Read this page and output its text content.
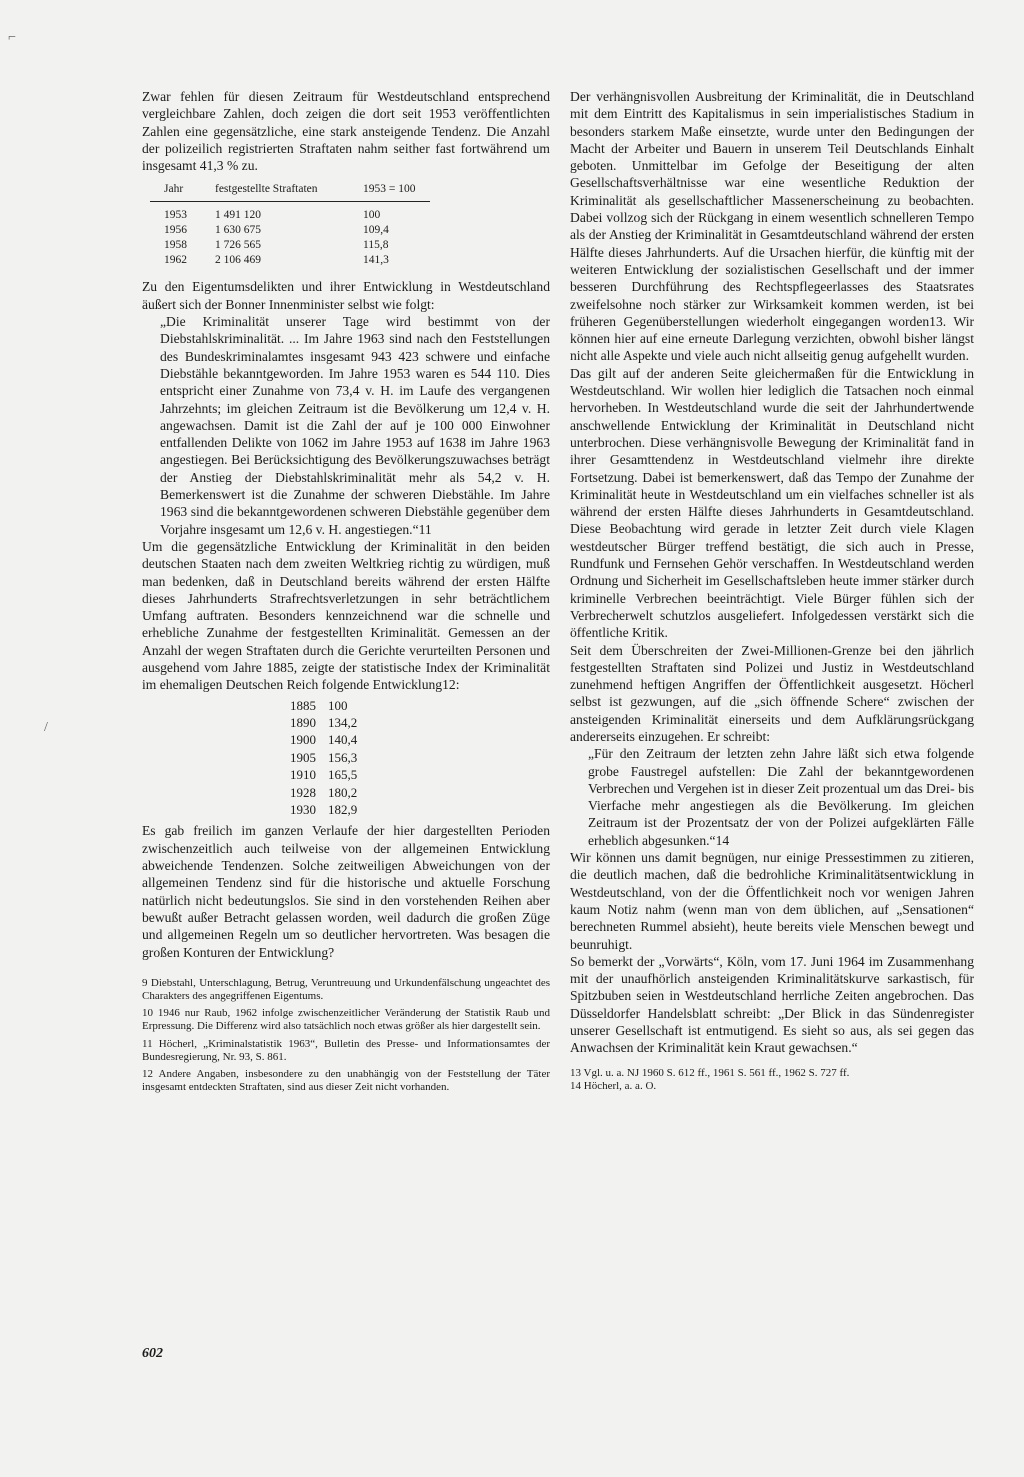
⌐
/

Zwar fehlen für diesen Zeitraum für Westdeutschland entsprechend vergleichbare Zahlen, doch zeigen die dort seit 1953 veröffentlichten Zahlen eine gegensätzliche, eine stark ansteigende Tendenz. Die Anzahl der polizeilich registrierten Straftaten nahm seither fast fortwährend um insgesamt 41,3 % zu.

Jahr	festgestellte Straftaten	1953 = 100
1953	1 491 120	100
1956	1 630 675	109,4
1958	1 726 565	115,8
1962	2 106 469	141,3

Zu den Eigentumsdelikten und ihrer Entwicklung in Westdeutschland äußert sich der Bonner Innenminister selbst wie folgt:

„Die Kriminalität unserer Tage wird bestimmt von der Diebstahlskriminalität. ... Im Jahre 1963 sind nach den Feststellungen des Bundeskriminalamtes insgesamt 943 423 schwere und einfache Diebstähle bekanntgeworden. Im Jahre 1953 waren es 544 110. Dies entspricht einer Zunahme von 73,4 v. H. im Laufe des vergangenen Jahrzehnts; im gleichen Zeitraum ist die Bevölkerung um 12,4 v. H. angewachsen. Damit ist die Zahl der auf je 100 000 Einwohner entfallenden Delikte von 1062 im Jahre 1953 auf 1638 im Jahre 1963 angestiegen. Bei Berücksichtigung des Bevölkerungszuwachses beträgt der Anstieg der Diebstahlskriminalität mehr als 54,2 v. H. Bemerkenswert ist die Zunahme der schweren Diebstähle. Im Jahre 1963 sind die bekanntgewordenen schweren Diebstähle gegenüber dem Vorjahre insgesamt um 12,6 v. H. angestiegen.“11

Um die gegensätzliche Entwicklung der Kriminalität in den beiden deutschen Staaten nach dem zweiten Weltkrieg richtig zu würdigen, muß man bedenken, daß in Deutschland bereits während der ersten Hälfte dieses Jahrhunderts Strafrechtsverletzungen in sehr beträchtlichem Umfang auftraten. Besonders kennzeichnend war die schnelle und erhebliche Zunahme der festgestellten Kriminalität. Gemessen an der Anzahl der wegen Straftaten durch die Gerichte verurteilten Personen und ausgehend vom Jahre 1885, zeigte der statistische Index der Kriminalität im ehemaligen Deutschen Reich folgende Entwicklung12:

1885	100
1890	134,2
1900	140,4
1905	156,3
1910	165,5
1928	180,2
1930	182,9

Es gab freilich im ganzen Verlaufe der hier dargestellten Perioden zwischenzeitlich auch teilweise von der allgemeinen Entwicklung abweichende Tendenzen. Solche zeitweiligen Abweichungen von der allgemeinen Tendenz sind für die historische und aktuelle Forschung natürlich nicht bedeutungslos. Sie sind in den vorstehenden Reihen aber bewußt außer Betracht gelassen worden, weil dadurch die großen Züge und allgemeinen Regeln um so deutlicher hervortreten. Was besagen die großen Konturen der Entwicklung?

9 Diebstahl, Unterschlagung, Betrug, Veruntreuung und Urkundenfälschung ungeachtet des Charakters des angegriffenen Eigentums.

10 1946 nur Raub, 1962 infolge zwischenzeitlicher Veränderung der Statistik Raub und Erpressung. Die Differenz wird also tatsächlich noch etwas größer als hier dargestellt sein.

11 Höcherl, „Kriminalstatistik 1963“, Bulletin des Presse- und Informationsamtes der Bundesregierung, Nr. 93, S. 861.

12 Andere Angaben, insbesondere zu den unabhängig von der Feststellung der Täter insgesamt entdeckten Straftaten, sind aus dieser Zeit nicht vorhanden.

602

Der verhängnisvollen Ausbreitung der Kriminalität, die in Deutschland mit dem Eintritt des Kapitalismus in sein imperialistisches Stadium in besonders starkem Maße einsetzte, wurde unter den Bedingungen der Macht der Arbeiter und Bauern in unserem Teil Deutschlands Einhalt geboten. Unmittelbar im Gefolge der Beseitigung der alten Gesellschaftsverhältnisse war eine wesentliche Reduktion der Kriminalität als gesellschaftlicher Massenerscheinung zu beobachten. Dabei vollzog sich der Rückgang in einem wesentlich schnelleren Tempo als der Anstieg der Kriminalität in Gesamtdeutschland während der ersten Hälfte dieses Jahrhunderts. Auf die Ursachen hierfür, die künftig mit der weiteren Entwicklung der sozialistischen Gesellschaft und der immer besseren Durchführung des Rechtspflegeerlasses des Staatsrates zweifelsohne noch stärker zur Wirksamkeit kommen werden, ist bei früheren Gegenüberstellungen wiederholt eingegangen worden13. Wir können hier auf eine erneute Darlegung verzichten, obwohl bisher längst nicht alle Aspekte und viele auch nicht allseitig genug aufgehellt wurden.

Das gilt auf der anderen Seite gleichermaßen für die Entwicklung in Westdeutschland. Wir wollen hier lediglich die Tatsachen noch einmal hervorheben. In Westdeutschland wurde die seit der Jahrhundertwende anschwellende Entwicklung der Kriminalität in Deutschland nicht unterbrochen. Diese verhängnisvolle Bewegung der Kriminalität fand in ihrer Gesamttendenz in Westdeutschland vielmehr ihre direkte Fortsetzung. Dabei ist bemerkenswert, daß das Tempo der Zunahme der Kriminalität heute in Westdeutschland um ein vielfaches schneller ist als während der ersten Hälfte dieses Jahrhunderts in Gesamtdeutschland. Diese Beobachtung wird gerade in letzter Zeit durch viele Klagen westdeutscher Bürger treffend bestätigt, die sich auch in Presse, Rundfunk und Fernsehen Gehör verschaffen. In Westdeutschland werden Ordnung und Sicherheit im Gesellschaftsleben heute immer stärker durch kriminelle Verbrechen beeinträchtigt. Viele Bürger fühlen sich der Verbrecherwelt schutzlos ausgeliefert. Infolgedessen verstärkt sich die öffentliche Kritik.

Seit dem Überschreiten der Zwei-Millionen-Grenze bei den jährlich festgestellten Straftaten sind Polizei und Justiz in Westdeutschland zunehmend heftigen Angriffen der Öffentlichkeit ausgesetzt. Höcherl selbst ist gezwungen, auf die „sich öffnende Schere“ zwischen der ansteigenden Kriminalität einerseits und dem Aufklärungsrückgang andererseits einzugehen. Er schreibt:

„Für den Zeitraum der letzten zehn Jahre läßt sich etwa folgende grobe Faustregel aufstellen: Die Zahl der bekanntgewordenen Verbrechen und Vergehen ist in dieser Zeit prozentual um das Drei- bis Vierfache mehr angestiegen als die Bevölkerung. Im gleichen Zeitraum ist der Prozentsatz der von der Polizei aufgeklärten Fälle erheblich abgesunken.“14

Wir können uns damit begnügen, nur einige Pressestimmen zu zitieren, die deutlich machen, daß die bedrohliche Kriminalitätsentwicklung in Westdeutschland, von der die Öffentlichkeit noch vor wenigen Jahren kaum Notiz nahm (wenn man von dem üblichen, auf „Sensationen“ berechneten Rummel absieht), heute bereits viele Menschen bewegt und beunruhigt.

So bemerkt der „Vorwärts“, Köln, vom 17. Juni 1964 im Zusammenhang mit der unaufhörlich ansteigenden Kriminalitätskurve sarkastisch, für Spitzbuben seien in Westdeutschland herrliche Zeiten angebrochen. Das Düsseldorfer Handelsblatt schreibt: „Der Blick in das Sündenregister unserer Gesellschaft ist entmutigend. Es sieht so aus, als sei gegen das Anwachsen der Kriminalität kein Kraut gewachsen.“

13 Vgl. u. a. NJ 1960 S. 612 ff., 1961 S. 561 ff., 1962 S. 727 ff.

14 Höcherl, a. a. O.
